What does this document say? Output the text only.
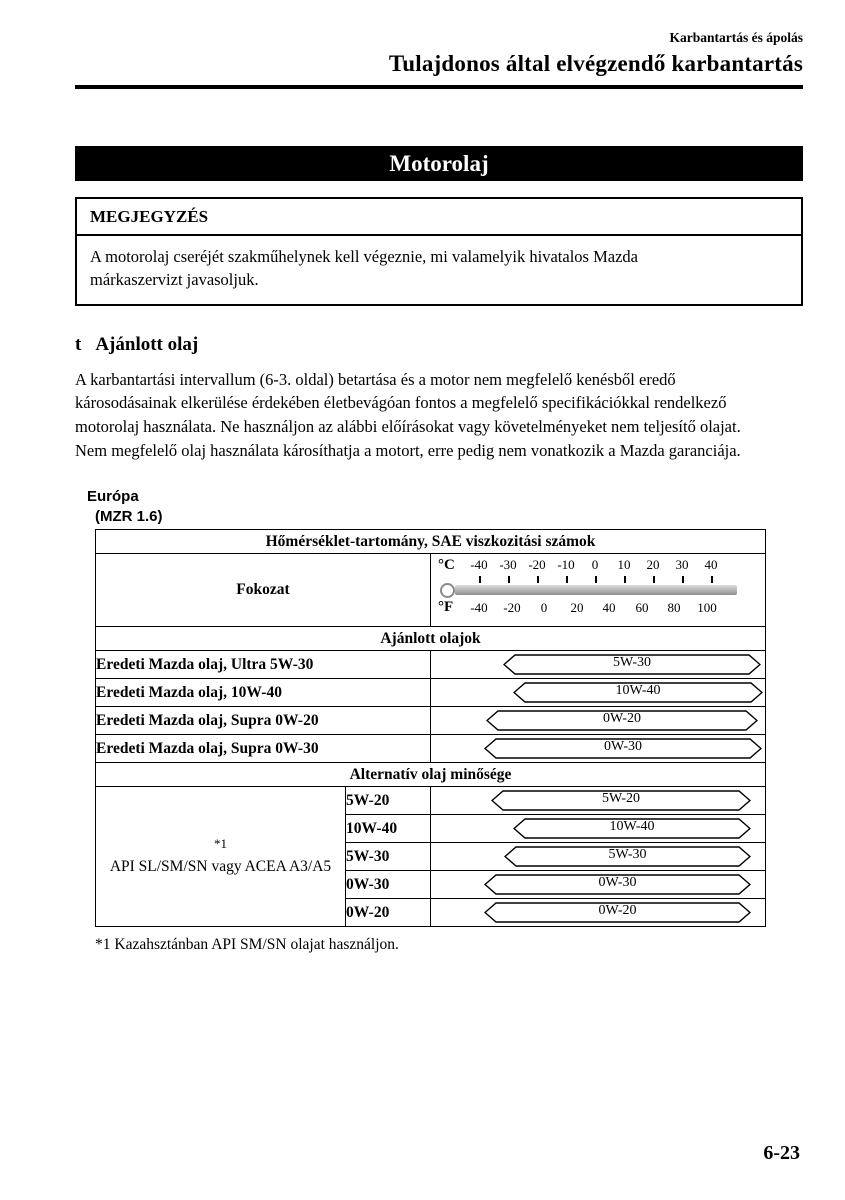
Karbantartás és ápolás
Tulajdonos által elvégzendő karbantartás
Motorolaj
MEGJEGYZÉS
A motorolaj cseréjét szakműhelynek kell végeznie, mi valamelyik hivatalos Mazda márkaszervizt javasoljuk.
t Ajánlott olaj
A karbantartási intervallum (6-3. oldal) betartása és a motor nem megfelelő kenésből eredő károsodásainak elkerülése érdekében életbevágóan fontos a megfelelő specifikációkkal rendelkező motorolaj használata. Ne használjon az alábbi előírásokat vagy követelményeket nem teljesítő olajat. Nem megfelelő olaj használata károsíthatja a motort, erre pedig nem vonatkozik a Mazda garanciája.
Európa
(MZR 1.6)
Hőmérséklet-tartomány, SAE viszkozitási számok		
Fokozat	
°C -40 -30 -20 -10 0 10 20 30 40
°F -40 -20 0 20 40 60 80 100

Ajánlott olajok		
Eredeti Mazda olaj, Ultra 5W-30		5W-30

Eredeti Mazda olaj, 10W-40		10W-40

Eredeti Mazda olaj, Supra 0W-20		0W-20

Eredeti Mazda olaj, Supra 0W-30		0W-30

Alternatív olaj minősége		
*1
API SL/SM/SN vagy ACEA A3/A5	5W-20	5W-20

	10W-40	10W-40

	5W-30	5W-30

	0W-30	0W-30

	0W-20	0W-20
*1 Kazahsztánban API SM/SN olajat használjon.
6-23
